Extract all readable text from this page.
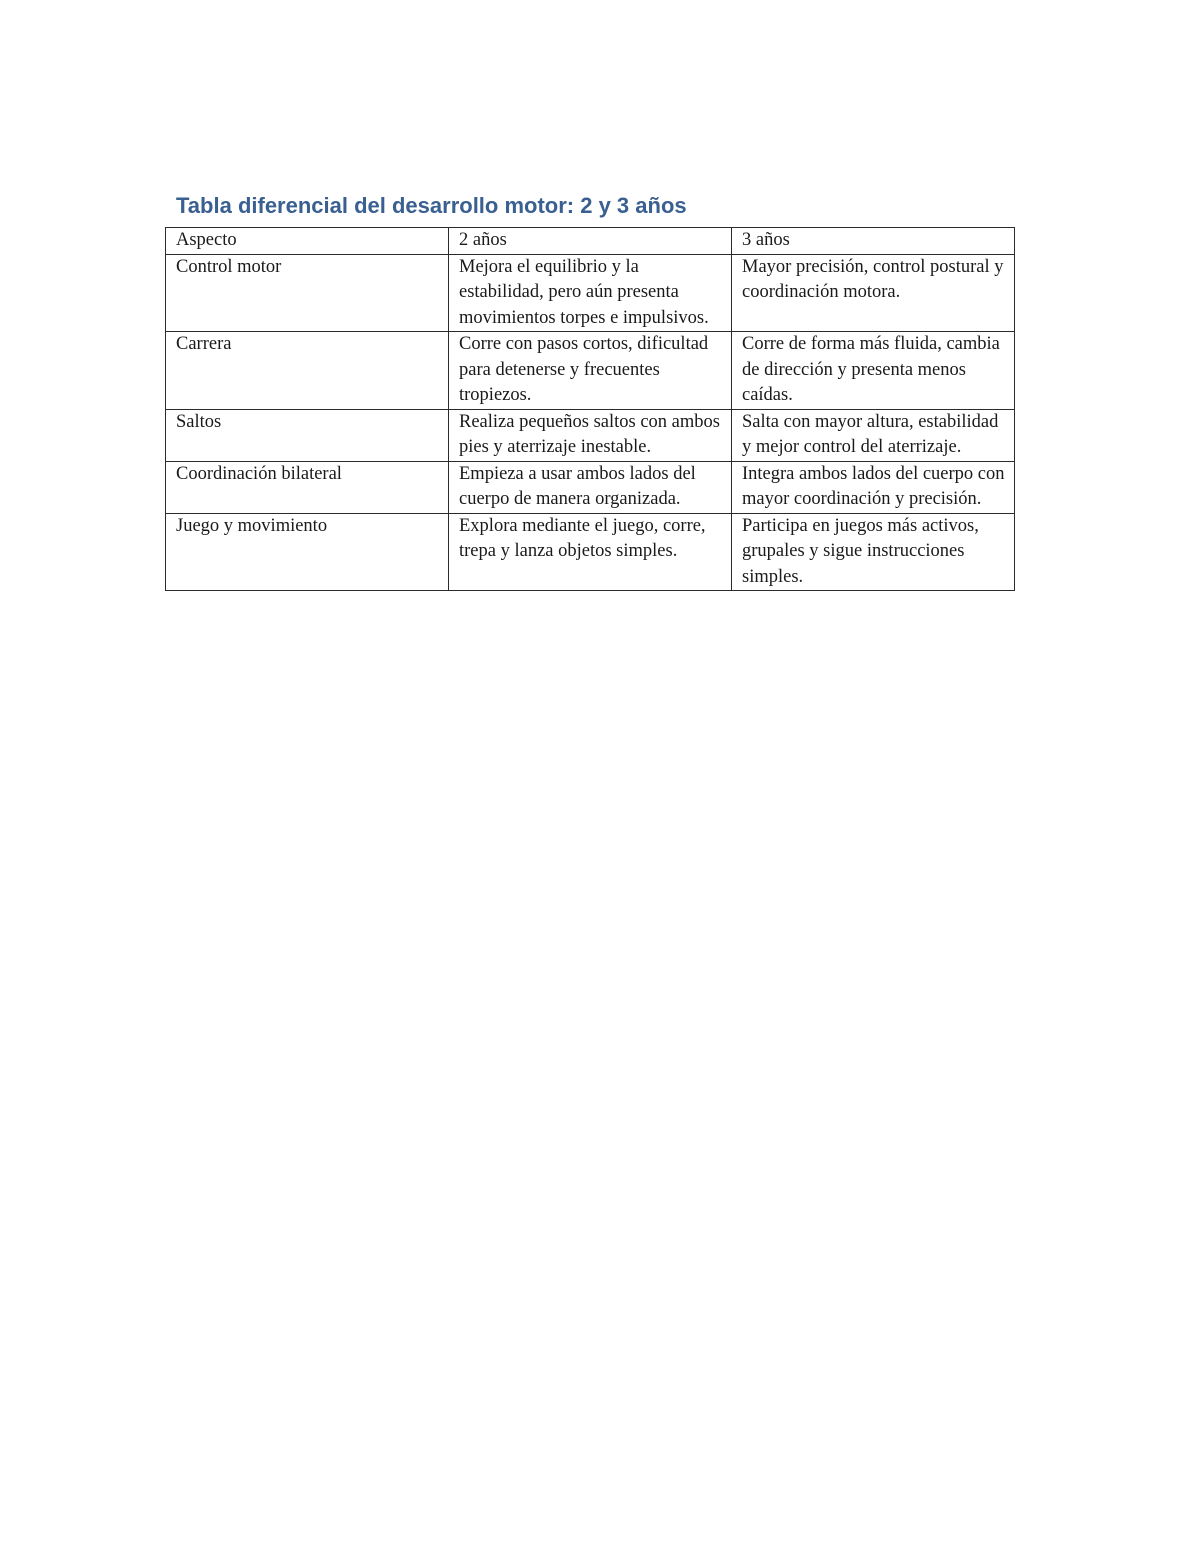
Tabla diferencial del desarrollo motor: 2 y 3 años
Aspecto	2 años	3 años
Control motor	Mejora el equilibrio y la estabilidad, pero aún presenta movimientos torpes e impulsivos.	Mayor precisión, control postural y coordinación motora.
Carrera	Corre con pasos cortos, dificultad para detenerse y frecuentes tropiezos.	Corre de forma más fluida, cambia de dirección y presenta menos caídas.
Saltos	Realiza pequeños saltos con ambos pies y aterrizaje inestable.	Salta con mayor altura, estabilidad y mejor control del aterrizaje.
Coordinación bilateral	Empieza a usar ambos lados del cuerpo de manera organizada.	Integra ambos lados del cuerpo con mayor coordinación y precisión.
Juego y movimiento	Explora mediante el juego, corre, trepa y lanza objetos simples.	Participa en juegos más activos, grupales y sigue instrucciones simples.
